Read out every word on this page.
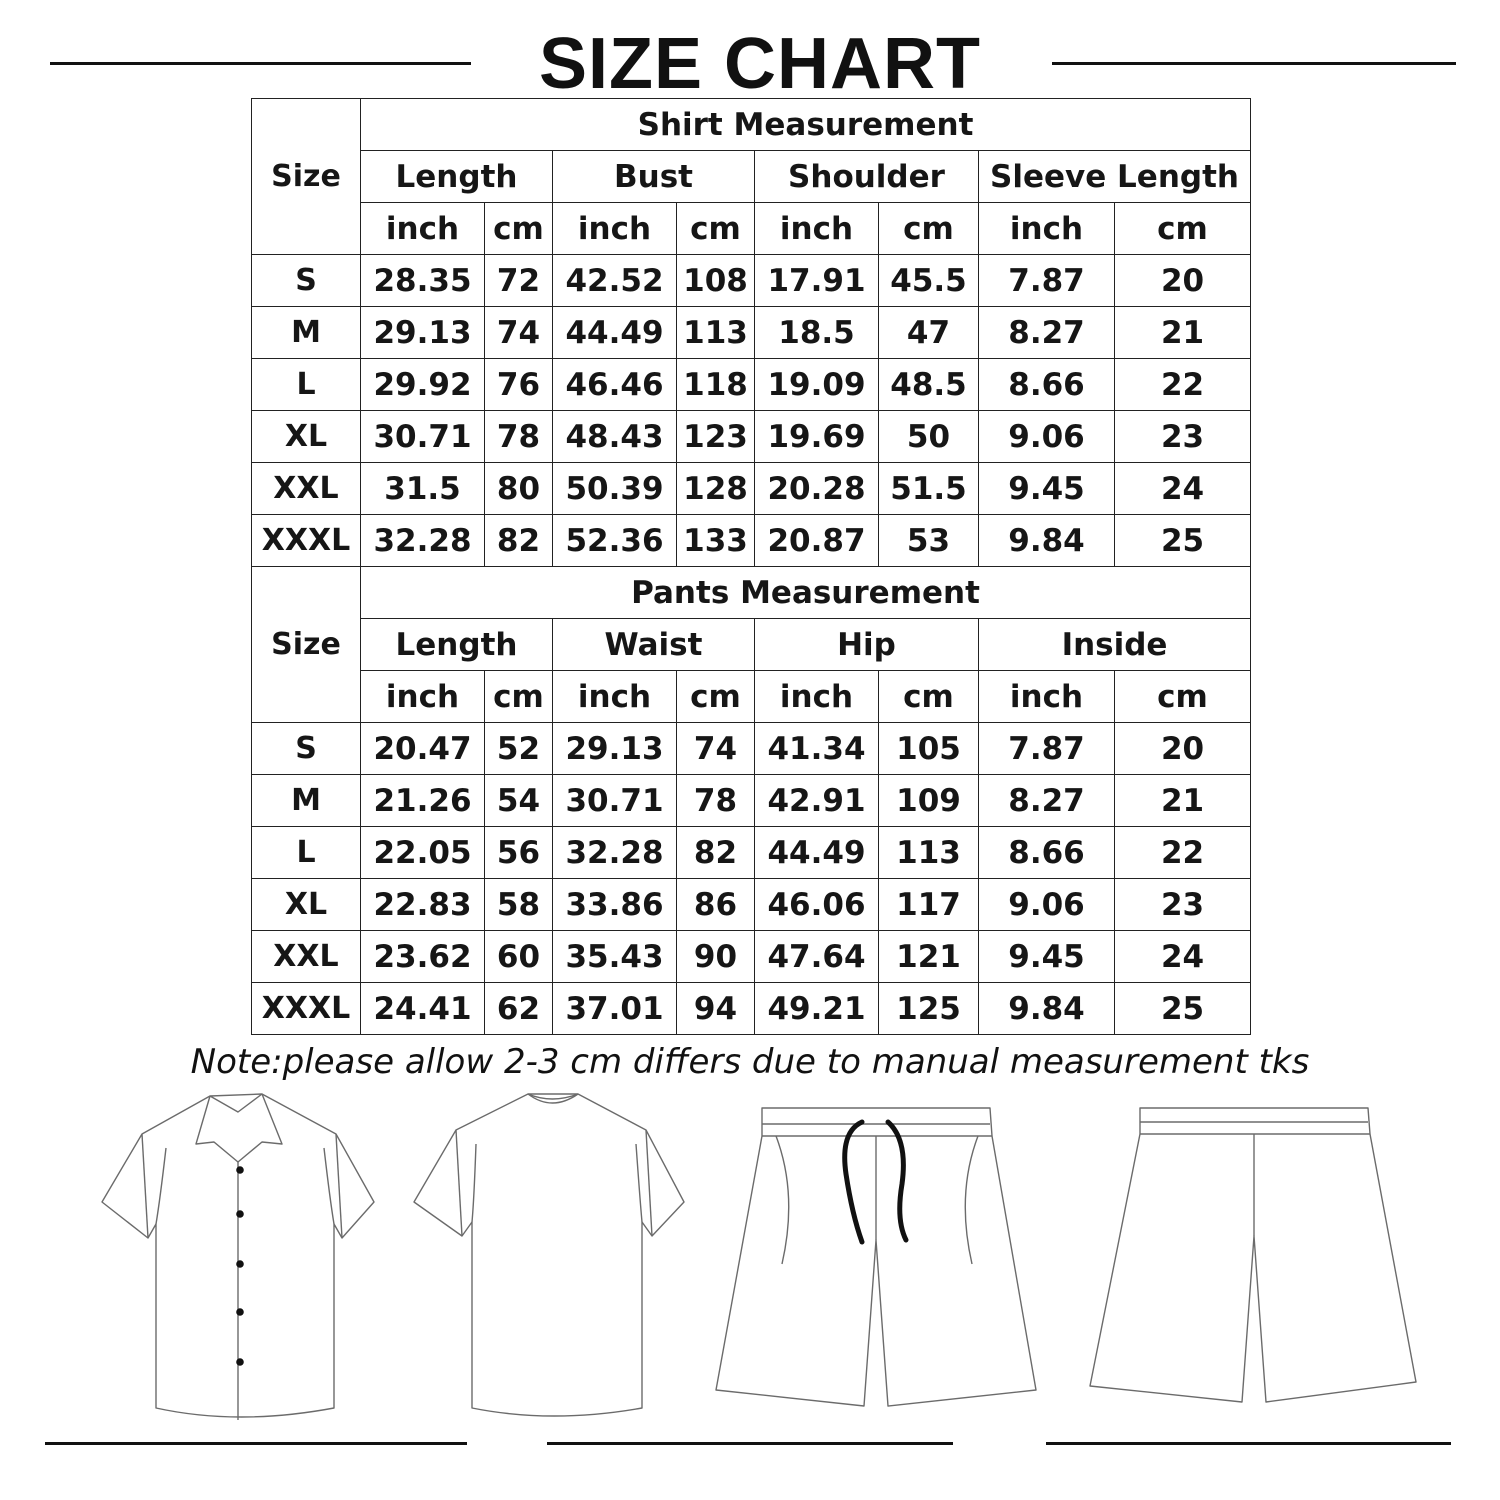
SIZE CHART
Size	Shirt Measurement							
	Length		Bust		Shoulder		Sleeve Length	
	inch	cm	inch	cm	inch	cm	inch	cm
S	28.35	72	42.52	108	17.91	45.5	7.87	20
M	29.13	74	44.49	113	18.5	47	8.27	21
L	29.92	76	46.46	118	19.09	48.5	8.66	22
XL	30.71	78	48.43	123	19.69	50	9.06	23
XXL	31.5	80	50.39	128	20.28	51.5	9.45	24
XXXL	32.28	82	52.36	133	20.87	53	9.84	25
Size	Pants Measurement							
	Length		Waist		Hip		Inside	
	inch	cm	inch	cm	inch	cm	inch	cm
S	20.47	52	29.13	74	41.34	105	7.87	20
M	21.26	54	30.71	78	42.91	109	8.27	21
L	22.05	56	32.28	82	44.49	113	8.66	22
XL	22.83	58	33.86	86	46.06	117	9.06	23
XXL	23.62	60	35.43	90	47.64	121	9.45	24
XXXL	24.41	62	37.01	94	49.21	125	9.84	25
Note:please allow 2-3 cm differs due to manual measurement tks
